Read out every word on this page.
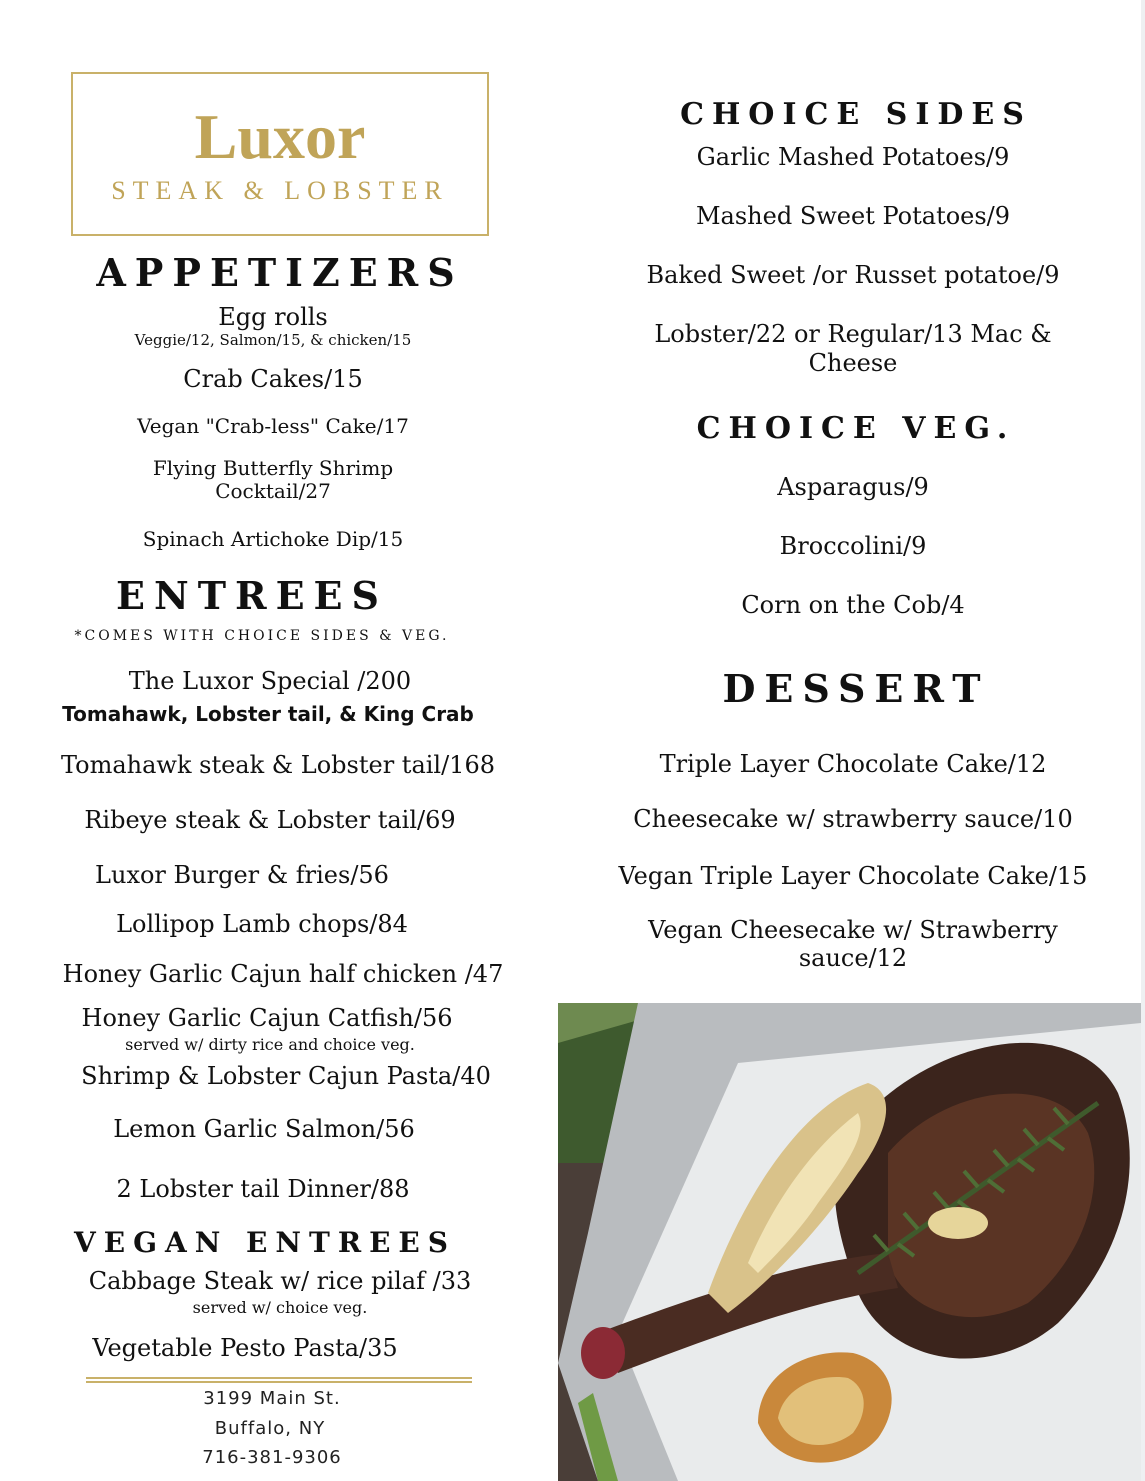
Luxor
STEAK & LOBSTER
APPETIZERS
Egg rolls
Veggie/12, Salmon/15, & chicken/15
Crab Cakes/15
Vegan "Crab-less" Cake/17
Flying Butterfly Shrimp
Cocktail/27
Spinach Artichoke Dip/15
ENTREES
*COMES WITH CHOICE SIDES & VEG.
The Luxor Special /200
Tomahawk, Lobster tail, & King Crab
Tomahawk steak & Lobster tail/168
Ribeye steak & Lobster tail/69
Luxor Burger & fries/56
Lollipop Lamb chops/84
Honey Garlic Cajun half chicken /47
Honey Garlic Cajun Catfish/56
served w/ dirty rice and choice veg.
Shrimp & Lobster Cajun Pasta/40
Lemon Garlic Salmon/56
2 Lobster tail Dinner/88
VEGAN ENTREES
Cabbage Steak w/ rice pilaf /33
served w/ choice veg.
Vegetable Pesto Pasta/35
3199 Main St.
Buffalo, NY
716-381-9306
CHOICE SIDES
Garlic Mashed Potatoes/9
Mashed Sweet Potatoes/9
Baked Sweet /or Russet potatoe/9
Lobster/22 or Regular/13 Mac &
Cheese
CHOICE VEG.
Asparagus/9
Broccolini/9
Corn on the Cob/4
DESSERT
Triple Layer Chocolate Cake/12
Cheesecake w/ strawberry sauce/10
Vegan Triple Layer Chocolate Cake/15
Vegan Cheesecake w/ Strawberry
sauce/12
